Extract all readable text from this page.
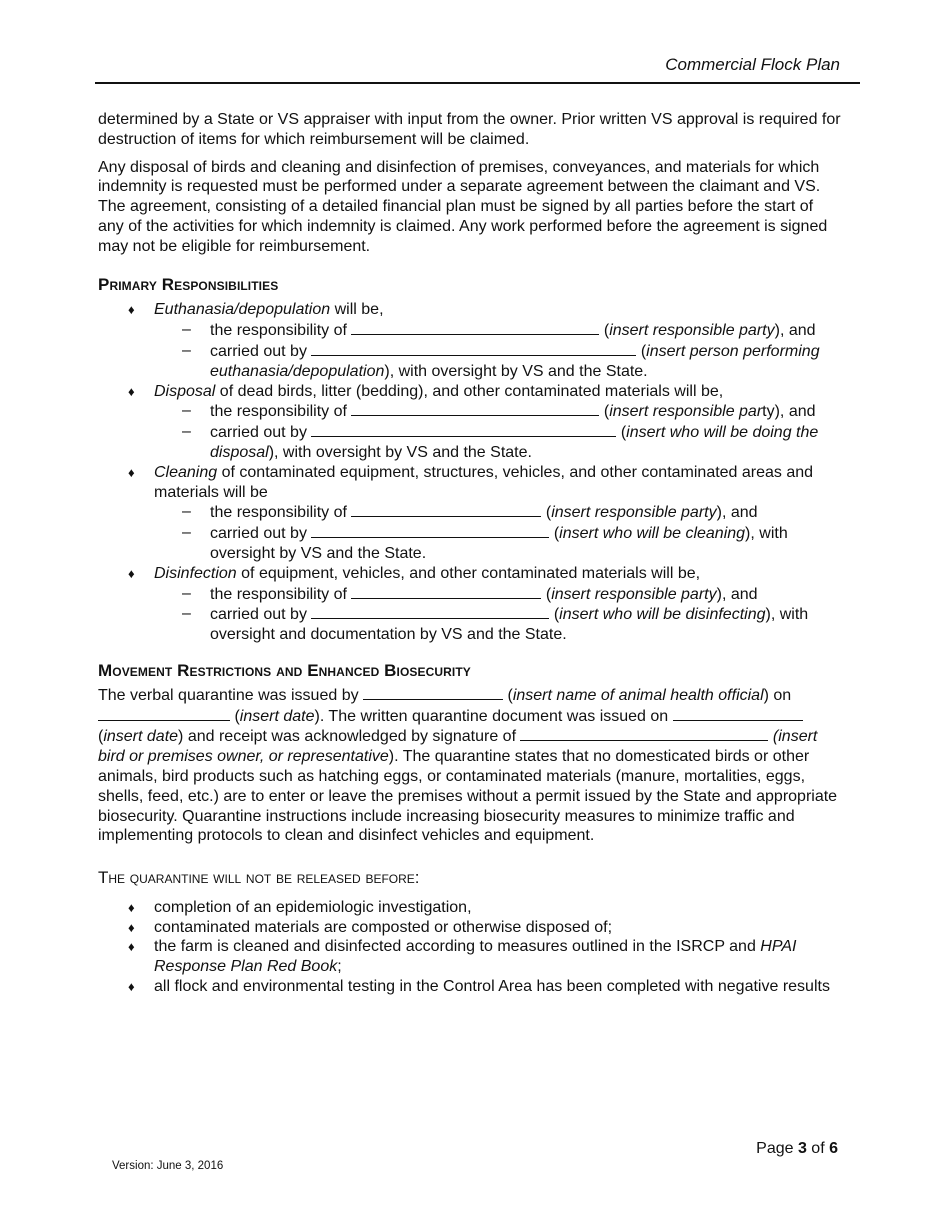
Commercial Flock Plan

determined by a State or VS appraiser with input from the owner. Prior written VS approval is required for destruction of items for which reimbursement will be claimed.

Any disposal of birds and cleaning and disinfection of premises, conveyances, and materials for which indemnity is requested must be performed under a separate agreement between the claimant and VS. The agreement, consisting of a detailed financial plan must be signed by all parties before the start of any of the activities for which indemnity is claimed. Any work performed before the agreement is signed may not be eligible for reimbursement.

Primary Responsibilities
♦ Euthanasia/depopulation will be,
– the responsibility of	(insert responsible party), and
– carried out by	(insert person performing euthanasia/depopulation), with oversight by VS and the State.
♦ Disposal of dead birds, litter (bedding), and other contaminated materials will be,
– the responsibility of	(insert responsible party), and
– carried out by	(insert who will be doing the disposal), with oversight by VS and the State.
♦ Cleaning of contaminated equipment, structures, vehicles, and other contaminated areas and materials will be
– the responsibility of	(insert responsible party), and
– carried out by	(insert who will be cleaning), with oversight by VS and the State.
♦ Disinfection of equipment, vehicles, and other contaminated materials will be,
– the responsibility of	(insert responsible party), and
– carried out by	(insert who will be disinfecting), with oversight and documentation by VS and the State.
Movement Restrictions and Enhanced Biosecurity

The verbal quarantine was issued by	(insert name of animal health official) on  (insert date). The written quarantine document was issued on  (insert date) and receipt was acknowledged by signature of	(insert bird or premises owner, or representative). The quarantine states that no domesticated birds or other animals, bird products such as hatching eggs, or contaminated materials (manure, mortalities, eggs, shells, feed, etc.) are to enter or leave the premises without a permit issued by the State and appropriate biosecurity. Quarantine instructions include increasing biosecurity measures to minimize traffic and implementing protocols to clean and disinfect vehicles and equipment.

The quarantine will not be released before:
♦ completion of an epidemiologic investigation,
♦ contaminated materials are composted or otherwise disposed of;
♦ the farm is cleaned and disinfected according to measures outlined in the ISRCP and HPAI Response Plan Red Book;
♦ all flock and environmental testing in the Control Area has been completed with negative results
Page 3 of 6
Version: June 3, 2016
